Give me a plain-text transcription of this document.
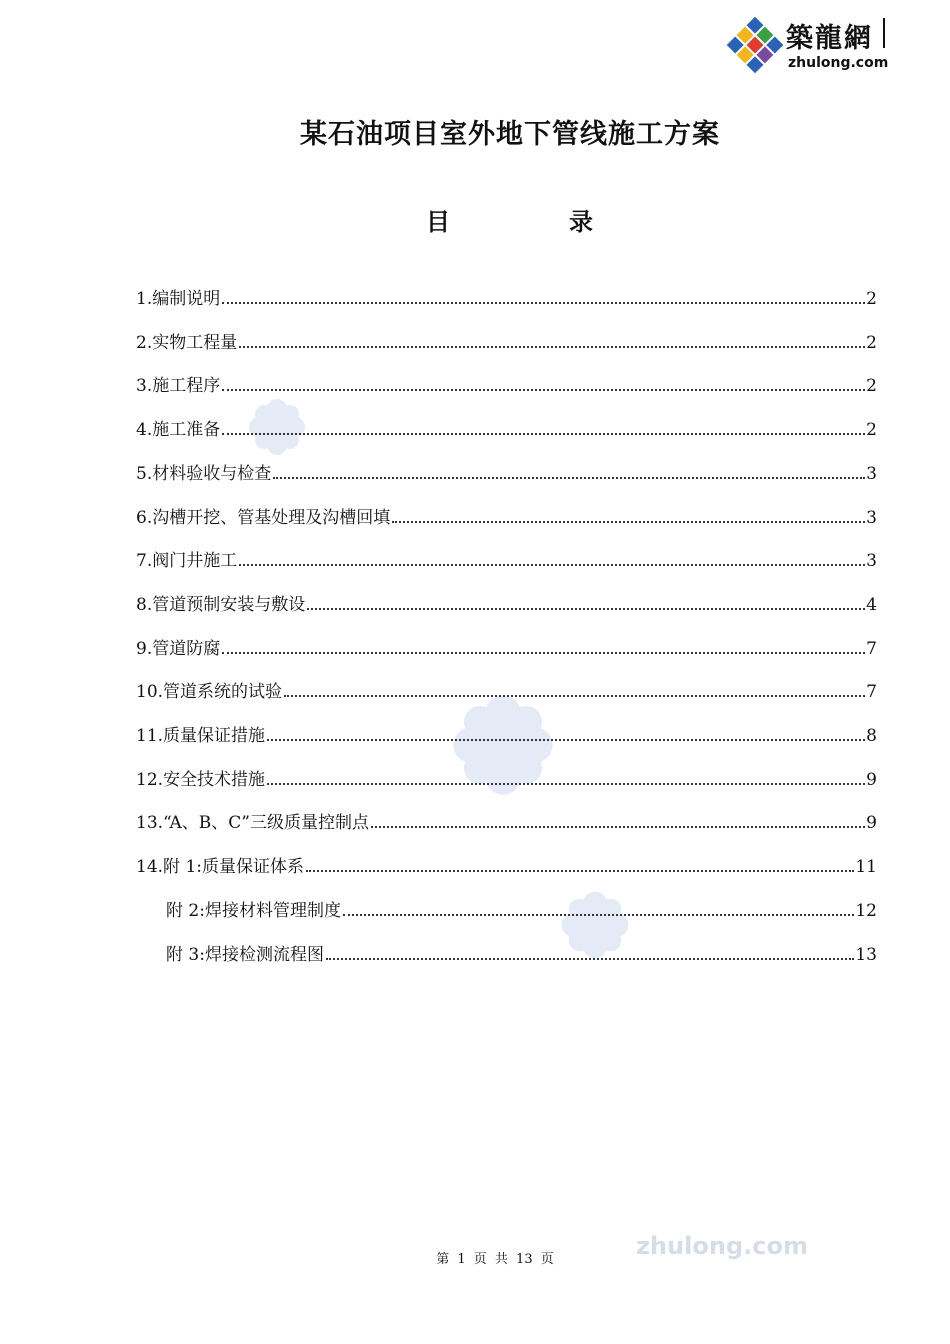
築龍網
zhulong.com
zhulong.com
某石油项目室外地下管线施工方案
目	录
1.编制说明	2
2.实物工程量	2
3.施工程序	2
4.施工准备	2
5.材料验收与检查	3
6.沟槽开挖、管基处理及沟槽回填	3
7.阀门井施工	3
8.管道预制安装与敷设	4
9.管道防腐	7
10.管道系统的试验	7
11.质量保证措施	8
12.安全技术措施	9
13.“A、B、C”三级质量控制点	9
14.附 1:质量保证体系	11
附 2:焊接材料管理制度	12
附 3:焊接检测流程图	13
第 1 页 共 13 页
